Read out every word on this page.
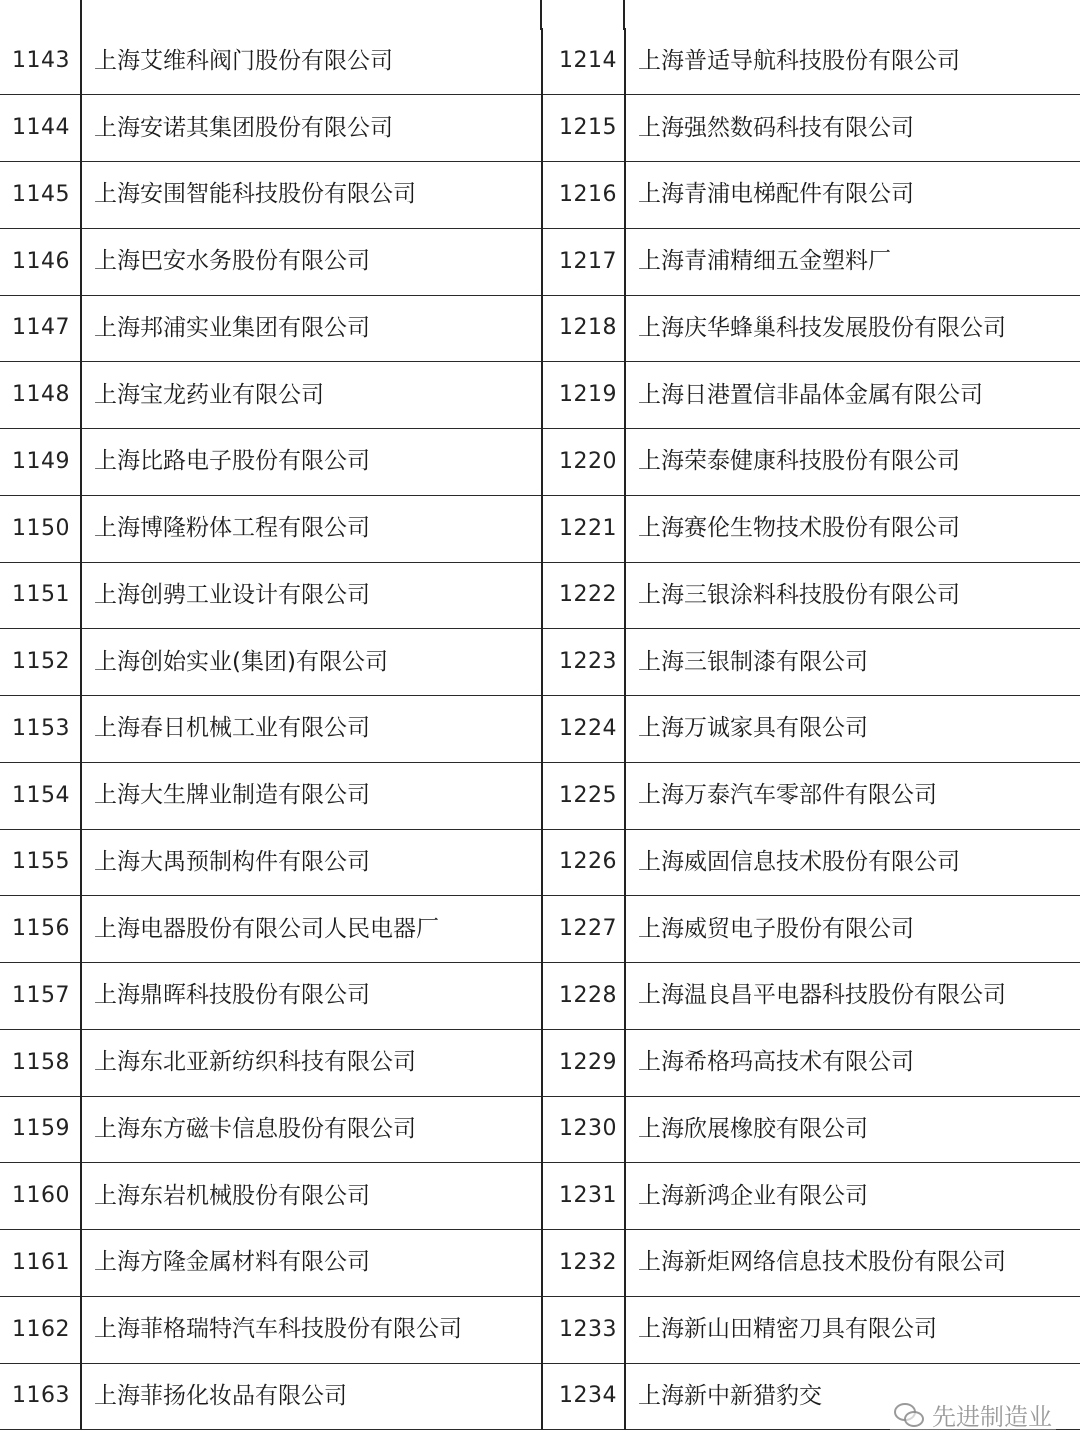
1143	上海艾维科阀门股份有限公司	1214	上海普适导航科技股份有限公司
1144	上海安诺其集团股份有限公司	1215	上海强然数码科技有限公司
1145	上海安围智能科技股份有限公司	1216	上海青浦电梯配件有限公司
1146	上海巴安水务股份有限公司	1217	上海青浦精细五金塑料厂
1147	上海邦浦实业集团有限公司	1218	上海庆华蜂巢科技发展股份有限公司
1148	上海宝龙药业有限公司	1219	上海日港置信非晶体金属有限公司
1149	上海比路电子股份有限公司	1220	上海荣泰健康科技股份有限公司
1150	上海博隆粉体工程有限公司	1221	上海赛伦生物技术股份有限公司
1151	上海创骋工业设计有限公司	1222	上海三银涂料科技股份有限公司
1152	上海创始实业(集团)有限公司	1223	上海三银制漆有限公司
1153	上海春日机械工业有限公司	1224	上海万诚家具有限公司
1154	上海大生牌业制造有限公司	1225	上海万泰汽车零部件有限公司
1155	上海大禺预制构件有限公司	1226	上海威固信息技术股份有限公司
1156	上海电器股份有限公司人民电器厂	1227	上海威贸电子股份有限公司
1157	上海鼎晖科技股份有限公司	1228	上海温良昌平电器科技股份有限公司
1158	上海东北亚新纺织科技有限公司	1229	上海希格玛高技术有限公司
1159	上海东方磁卡信息股份有限公司	1230	上海欣展橡胶有限公司
1160	上海东岩机械股份有限公司	1231	上海新鸿企业有限公司
1161	上海方隆金属材料有限公司	1232	上海新炬网络信息技术股份有限公司
1162	上海菲格瑞特汽车科技股份有限公司	1233	上海新山田精密刀具有限公司
1163	上海菲扬化妆品有限公司	1234	上海新中新猎豹交
先进制造业
